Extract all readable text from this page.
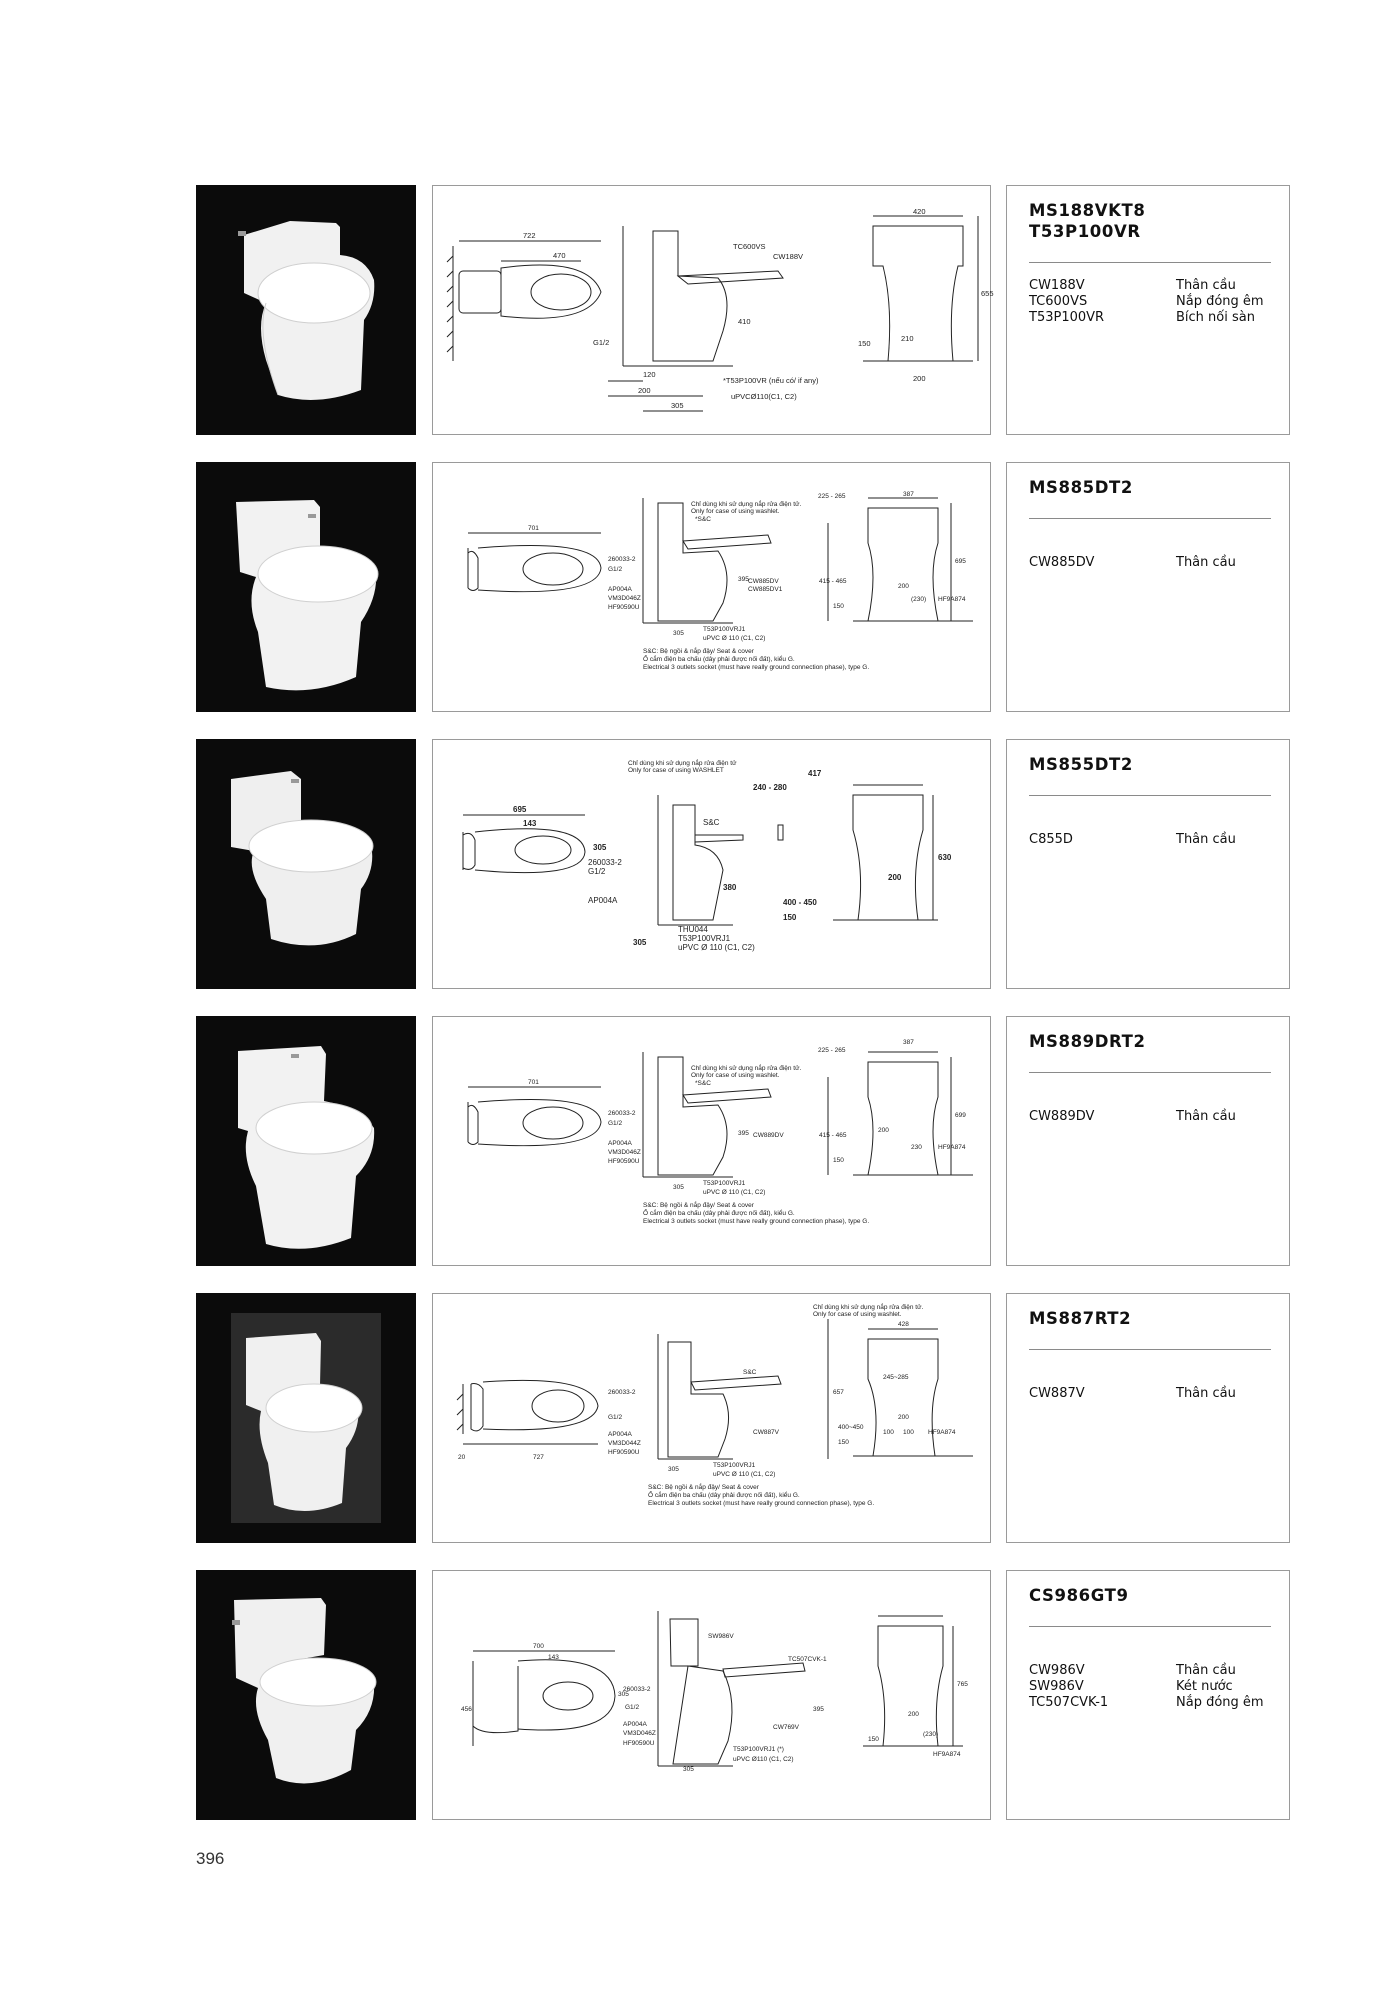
722
470
G1/2
120
200
305
TC600VS
CW188V
410
*T53P100VR (nếu có/ if any)
uPVCØ110(C1, C2)
420
655
150
210
200
MS188VKT8
T53P100VR
CW188V	Thân cầu
TC600VS	Nắp đóng êm
T53P100VR	Bích nối sàn
701
260033-2
G1/2
AP004A
VM3D046Z
HF90590U
305
Chỉ dùng khi sử dụng nắp rửa điện tử.
Only for case of using washlet.
*S&C
225 - 265	387
395	415 - 465
CW885DV
CW885DV1
T53P100VRJ1
uPVC Ø 110 (C1, C2)
150
200
(230) HF9A874
695
S&C: Bệ ngồi & nắp đậy/ Seat & cover
Ổ cắm điện ba chấu (dây phải được nối đất), kiểu G.
Electrical 3 outlets socket (must have really ground connection phase), type G.
MS885DT2
CW885DV	Thân cầu
695
143
305
260033-2
G1/2
AP004A
Chỉ dùng khi sử dụng nắp rửa điện tử
Only for case of using WASHLET
S&C
240 - 280
417
380
THU044
T53P100VRJ1
uPVC Ø 110 (C1, C2)
305
400 - 450
150
200
630
MS855DT2
C855D	Thân cầu
701
260033-2
G1/2
AP004A
VM3D046Z
HF90590U
305
Chỉ dùng khi sử dụng nắp rửa điện tử.
Only for case of using washlet.
*S&C
225 - 265
387
395	415 - 465
CW889DV
T53P100VRJ1
uPVC Ø 110 (C1, C2)
150
200
230 HF9A874
699
S&C: Bệ ngồi & nắp đậy/ Seat & cover
Ổ cắm điện ba chấu (dây phải được nối đất), kiểu G.
Electrical 3 outlets socket (must have really ground connection phase), type G.
MS889DRT2
CW889DV	Thân cầu
20	727
260033-2
G1/2
AP004A
VM3D044Z
HF90590U
305
S&C
CW887V
T53P100VRJ1
uPVC Ø 110 (C1, C2)
Chỉ dùng khi sử dụng nắp rửa điện tử.
Only for case of using washlet.
428
245~285
657
400~450
150
200
100 100 HF9A874
S&C: Bệ ngồi & nắp đậy/ Seat & cover
Ổ cắm điện ba chấu (dây phải được nối đất), kiểu G.
Electrical 3 outlets socket (must have really ground connection phase), type G.
MS887RT2
CW887V	Thân cầu
700
143
456
305
260033-2
G1/2
AP004A
VM3D046Z
HF90590U
SW986V
TC507CVK-1
CW769V
395
T53P100VRJ1 (*)
uPVC Ø110 (C1, C2)
305
765
200
150
(230)
HF9A874
CS986GT9
CW986V	Thân cầu
SW986V	Két nước
TC507CVK-1	Nắp đóng êm
396
